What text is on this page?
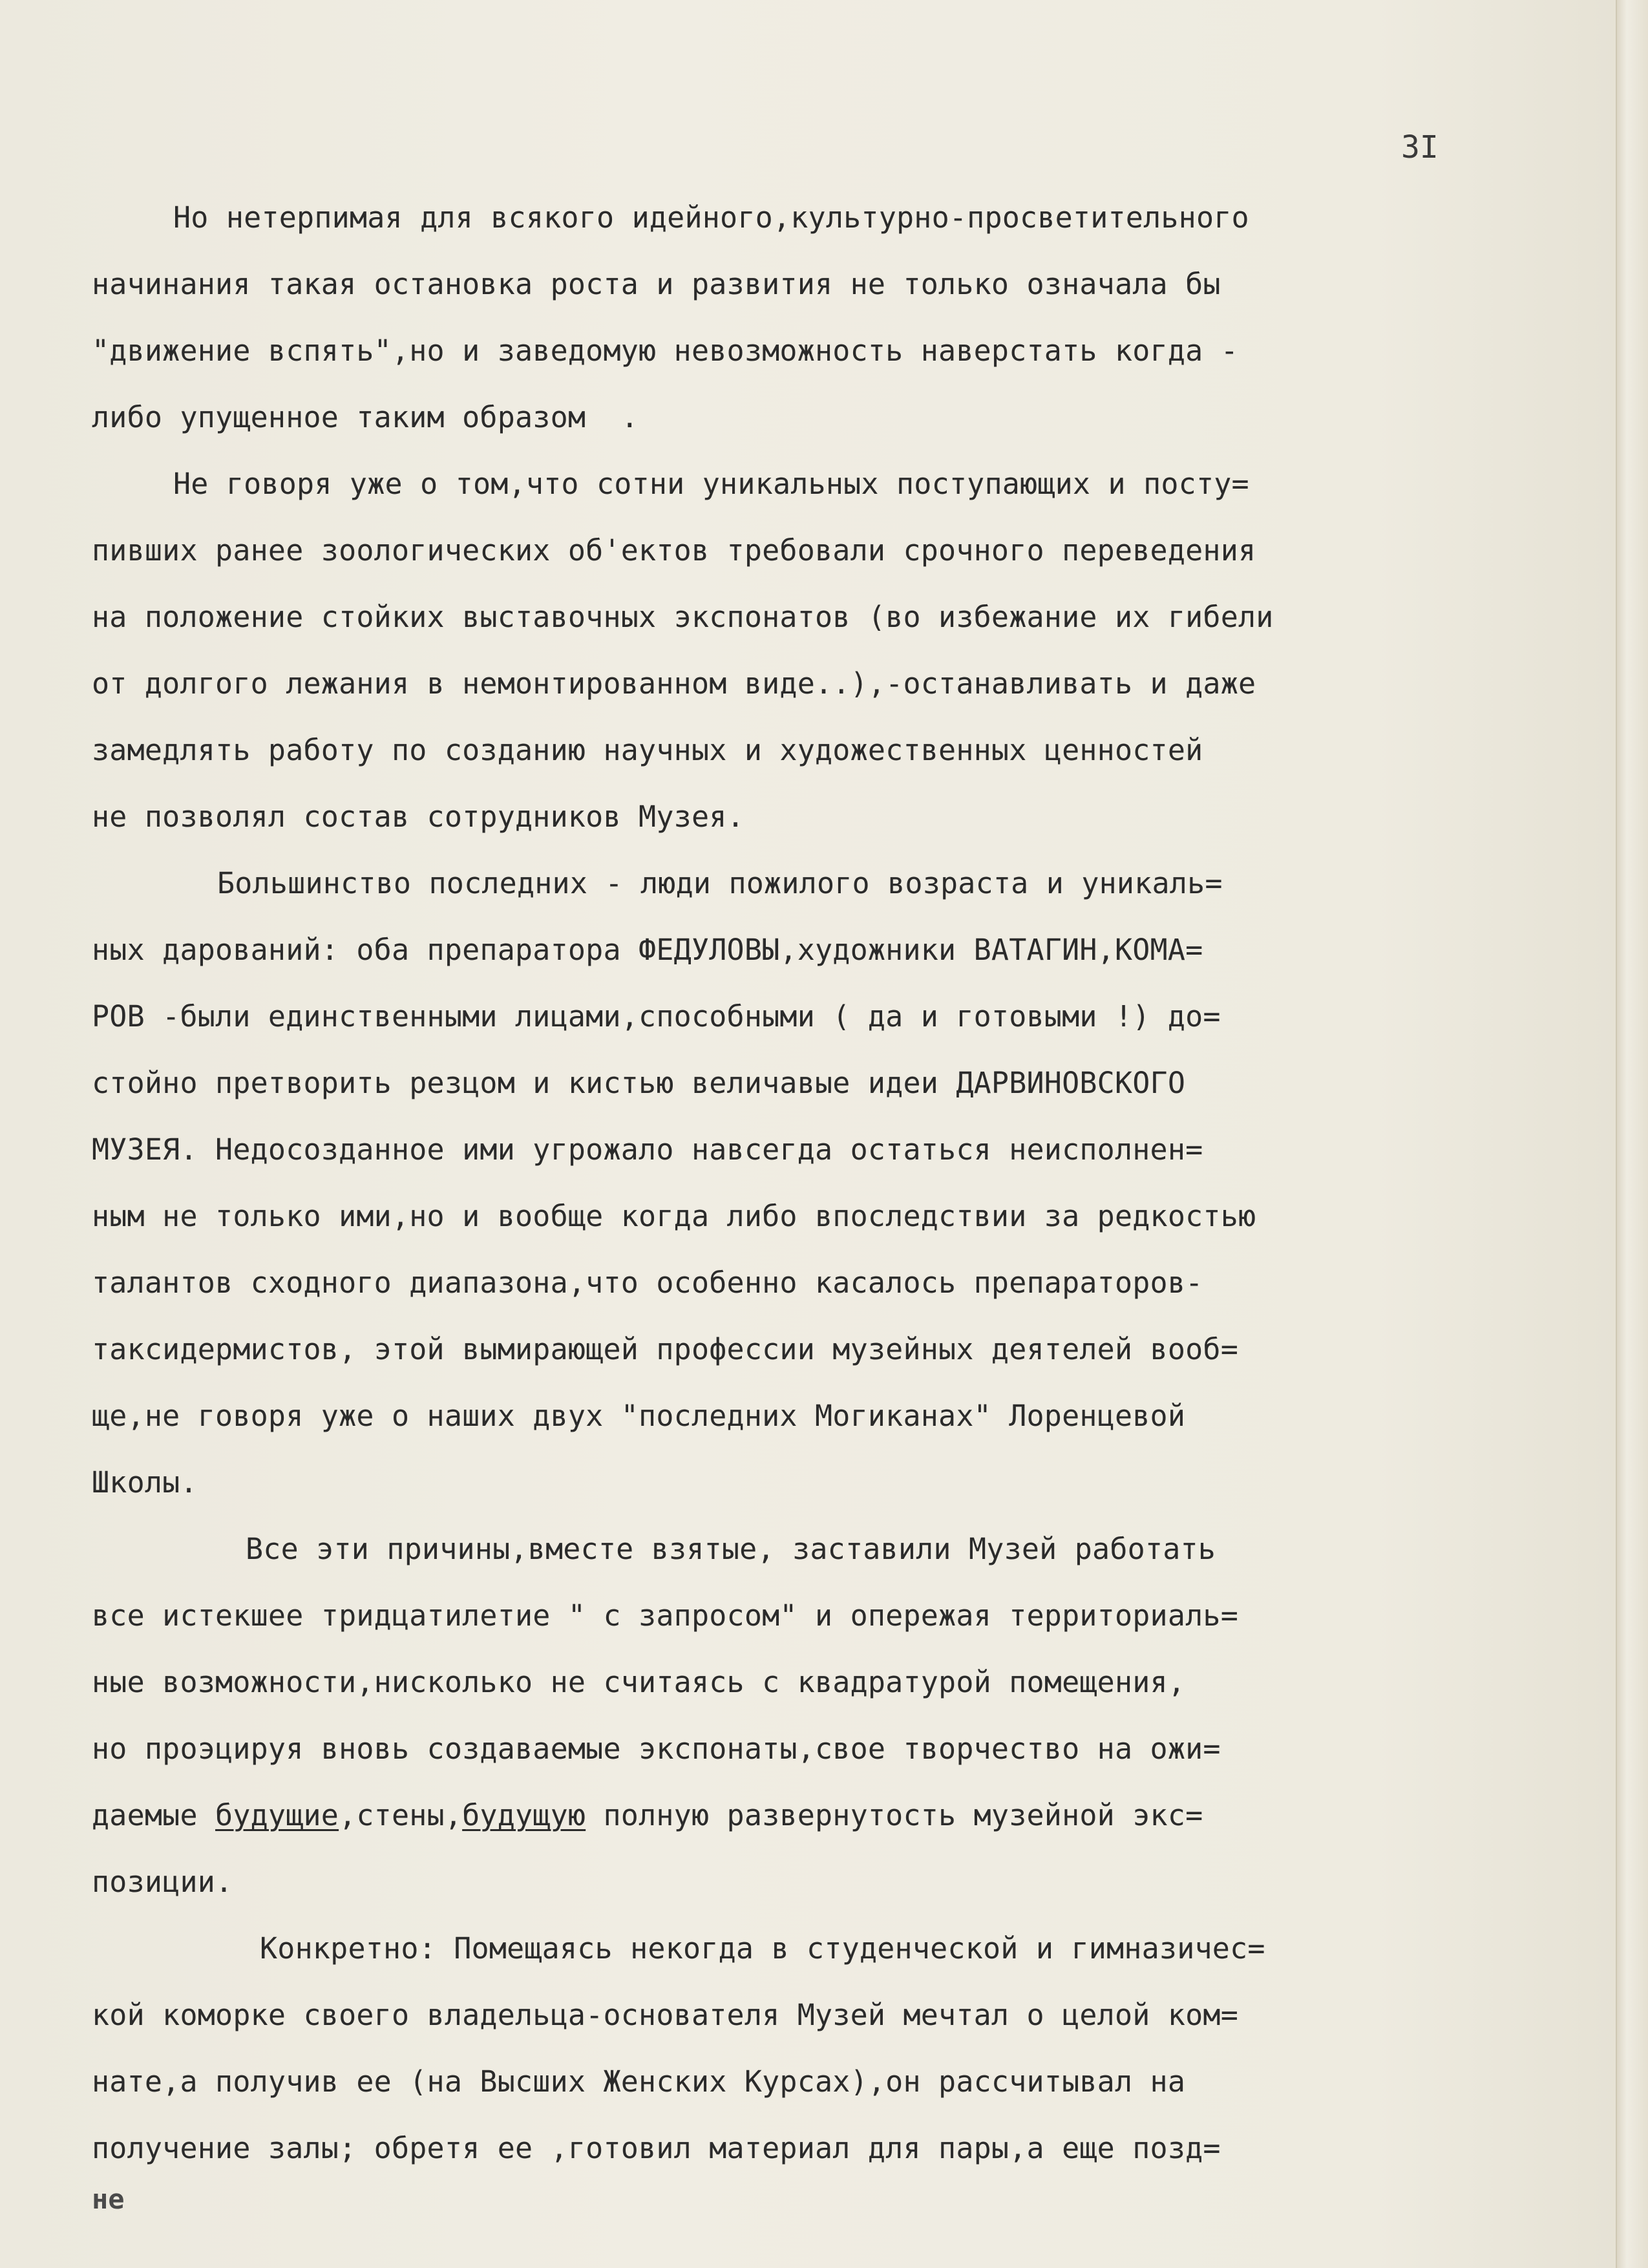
3I
Но нетерпимая для всякого идейного,культурно-просветительного
начинания такая остановка роста и развития не только означала бы
"движение вспять",но и заведомую невозможность наверстать когда -
либо упущенное таким образом  .
Не говоря уже о том,что сотни уникальных поступающих и посту=
пивших ранее зоологических об'ектов требовали срочного переведения
на положение стойких выставочных экспонатов (во избежание их гибели
от долгого лежания в немонтированном виде..),-останавливать и даже
замедлять работу по созданию научных и художественных ценностей
не позволял состав сотрудников Музея.
Большинство последних - люди пожилого возраста и уникаль=
ных дарований: оба препаратора ФЕДУЛОВЫ,художники ВАТАГИН,КОМА=
РОВ -были единственными лицами,способными ( да и готовыми !) до=
стойно претворить резцом и кистью величавые идеи ДАРВИНОВСКОГО
МУЗЕЯ. Недосозданное ими угрожало навсегда остаться неисполнен=
ным не только ими,но и вообще когда либо впоследствии за редкостью
талантов сходного диапазона,что особенно касалось препараторов-
таксидермистов, этой вымирающей профессии музейных деятелей вооб=
ще,не говоря уже о наших двух "последних Могиканах" Лоренцевой
Школы.
Все эти причины,вместе взятые, заставили Музей работать
все истекшее тридцатилетие " с запросом" и опережая территориаль=
ные возможности,нисколько не считаясь с квадратурой помещения,
но проэцируя вновь создаваемые экспонаты,свое творчество на ожи=
даемые будущие,стены,будущую полную развернутость музейной экс=
позиции.
Конкретно: Помещаясь некогда в студенческой и гимназичес=
кой коморке своего владельца-основателя Музей мечтал о целой ком=
нате,а получив ее (на Высших Женских Курсах),он рассчитывал на
получение залы; обретя ее ,готовил материал для пары,а еще позд=
не
